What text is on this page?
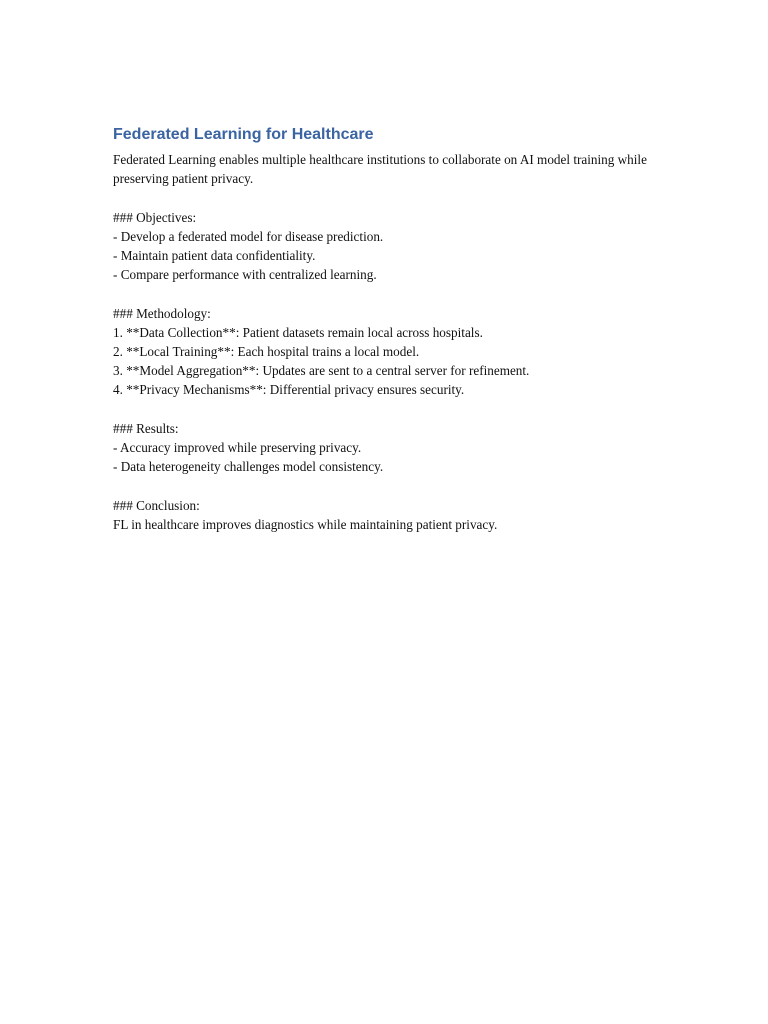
Federated Learning for Healthcare

Federated Learning enables multiple healthcare institutions to collaborate on AI model training while preserving patient privacy.

### Objectives:
- Develop a federated model for disease prediction.
- Maintain patient data confidentiality.
- Compare performance with centralized learning.
### Methodology:
1. **Data Collection**: Patient datasets remain local across hospitals.
2. **Local Training**: Each hospital trains a local model.
3. **Model Aggregation**: Updates are sent to a central server for refinement.
4. **Privacy Mechanisms**: Differential privacy ensures security.
### Results:
- Accuracy improved while preserving privacy.
- Data heterogeneity challenges model consistency.
### Conclusion:
FL in healthcare improves diagnostics while maintaining patient privacy.
